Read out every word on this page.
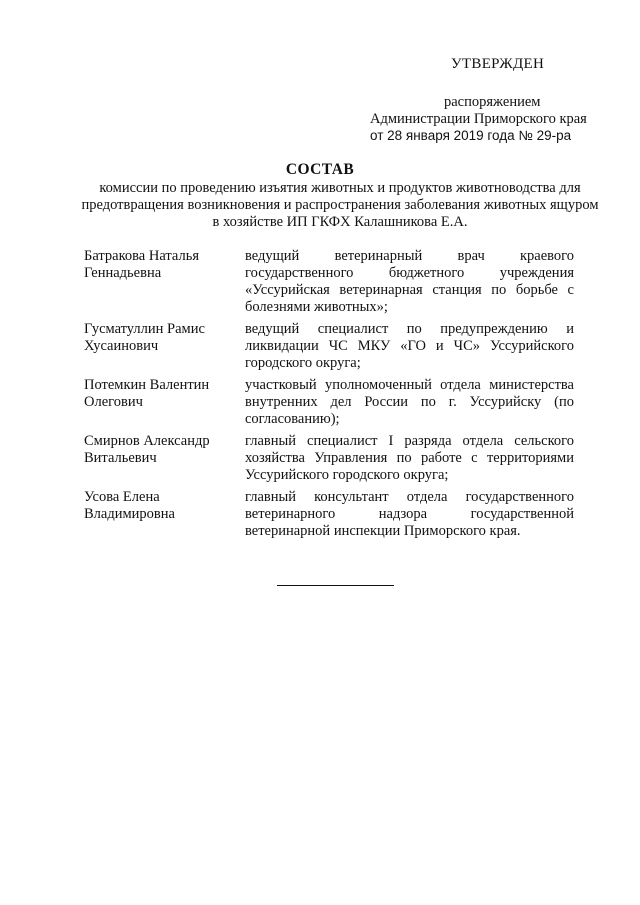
УТВЕРЖДЕН
распоряжением
Администрации Приморского края
от 28 января 2019 года № 29-ра
СОСТАВ
комиссии по проведению изъятия животных и продуктов животноводства для предотвращения возникновения и распространения заболевания животных ящуром в хозяйстве ИП ГКФХ Калашникова Е.А.
Батракова Наталья Геннадьевна
ведущий ветеринарный врач краевого государственного бюджетного учреждения «Уссурийская ветеринарная станция по борьбе с болезнями животных»;
Гусматуллин Рамис Хусаинович
ведущий специалист по предупреждению и ликвидации ЧС МКУ «ГО и ЧС» Уссурийского городского округа;
Потемкин Валентин Олегович
участковый уполномоченный отдела министерства внутренних дел России по г. Уссурийску (по согласованию);
Смирнов Александр Витальевич
главный специалист I разряда отдела сельского хозяйства Управления по работе с территориями Уссурийского городского округа;
Усова Елена Владимировна
главный консультант отдела государственного ветеринарного надзора государственной ветеринарной инспекции Приморского края.
